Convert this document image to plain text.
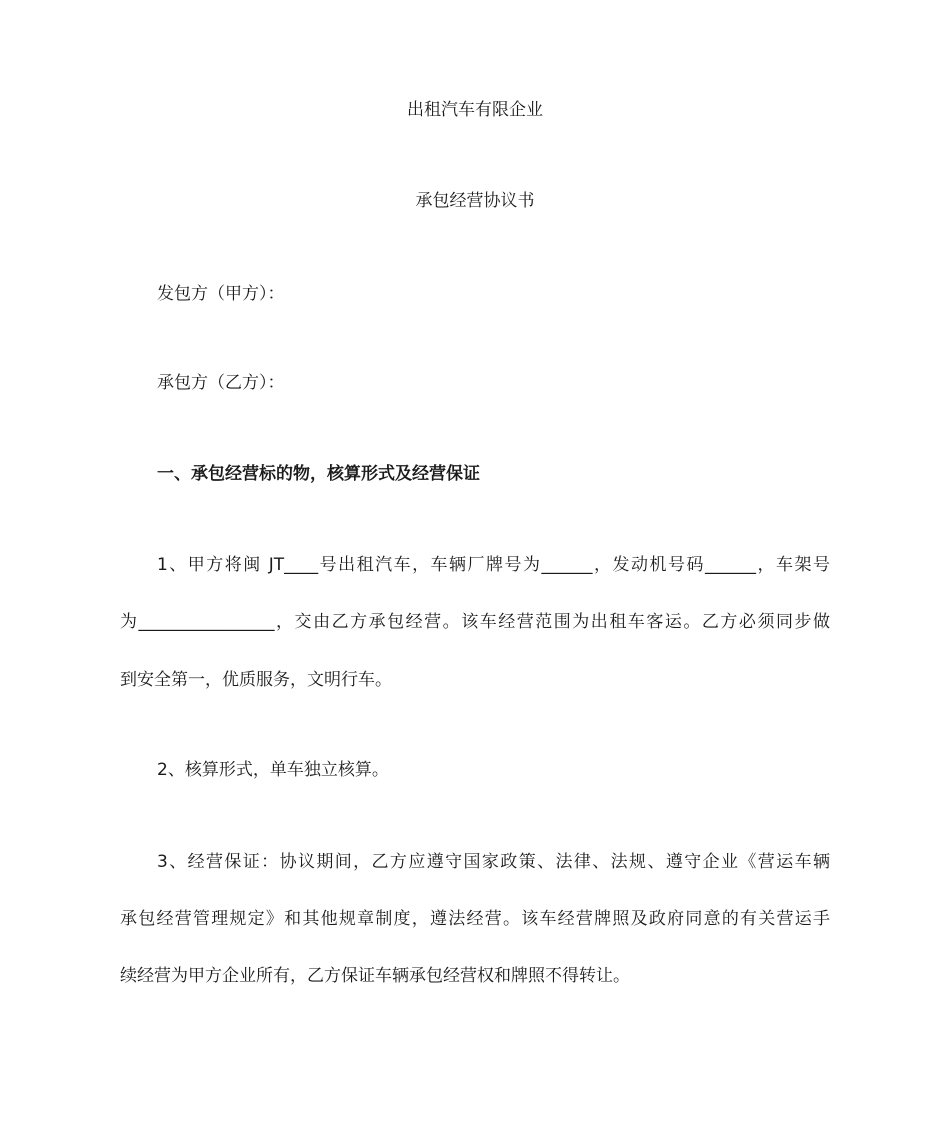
出租汽车有限企业
承包经营协议书
发包方（甲方）：
承包方（乙方）：
一、承包经营标的物，核算形式及经营保证
1、甲方将闽 JT____号出租汽车，车辆厂牌号为______，发动机号码______，车架号
为________________，交由乙方承包经营。该车经营范围为出租车客运。乙方必须同步做
到安全第一，优质服务，文明行车。
2、核算形式，单车独立核算。
3、经营保证：协议期间，乙方应遵守国家政策、法律、法规、遵守企业《营运车辆
承包经营管理规定》和其他规章制度，遵法经营。该车经营牌照及政府同意的有关营运手
续经营为甲方企业所有，乙方保证车辆承包经营权和牌照不得转让。
